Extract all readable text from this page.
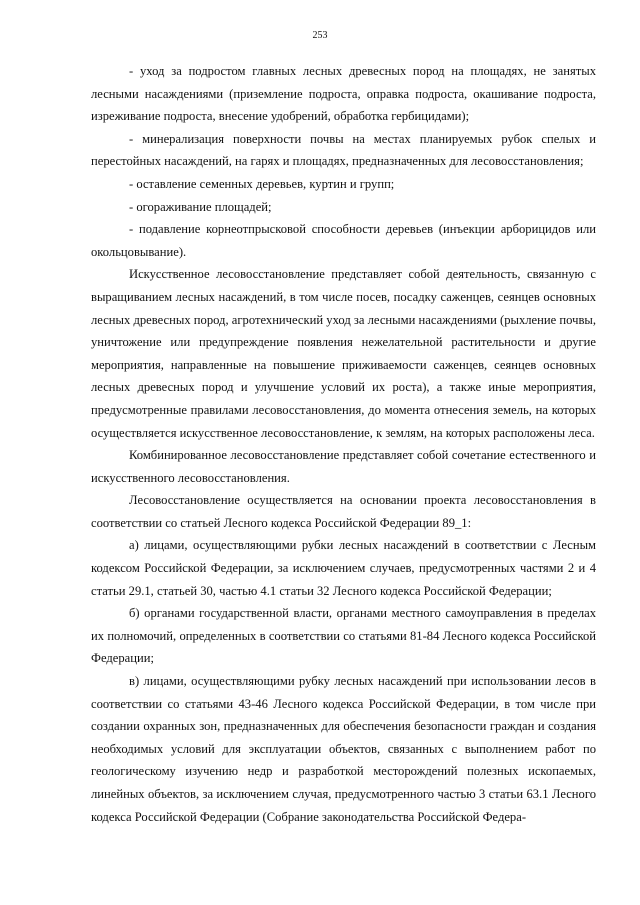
253

- уход за подростом главных лесных древесных пород на площадях, не занятых лесными насаждениями (приземление подроста, оправка подроста, окашивание подроста, изреживание подроста, внесение удобрений, обработка гербицидами);

- минерализация поверхности почвы на местах планируемых рубок спелых и перестойных насаждений, на гарях и площадях, предназначенных для лесовосстановления;

- оставление семенных деревьев, куртин и групп;

- огораживание площадей;

- подавление корнеотпрысковой способности деревьев (инъекции арборицидов или окольцовывание).

Искусственное лесовосстановление представляет собой деятельность, связанную с выращиванием лесных насаждений, в том числе посев, посадку саженцев, сеянцев основных лесных древесных пород, агротехнический уход за лесными насаждениями (рыхление почвы, уничтожение или предупреждение появления нежелательной растительности и другие мероприятия, направленные на повышение приживаемости саженцев, сеянцев основных лесных древесных пород и улучшение условий их роста), а также иные мероприятия, предусмотренные правилами лесовосстановления, до момента отнесения земель, на которых осуществляется искусственное лесовосстановление, к землям, на которых расположены леса.

Комбинированное лесовосстановление представляет собой сочетание естественного и искусственного лесовосстановления.

Лесовосстановление осуществляется на основании проекта лесовосстановления в соответствии со статьей Лесного кодекса Российской Федерации 89_1:

а) лицами, осуществляющими рубки лесных насаждений в соответствии с Лесным кодексом Российской Федерации, за исключением случаев, предусмотренных частями 2 и 4 статьи 29.1, статьей 30, частью 4.1 статьи 32 Лесного кодекса Российской Федерации;

б) органами государственной власти, органами местного самоуправления в пределах их полномочий, определенных в соответствии со статьями 81-84 Лесного кодекса Российской Федерации;

в) лицами, осуществляющими рубку лесных насаждений при использовании лесов в соответствии со статьями 43-46 Лесного кодекса Российской Федерации, в том числе при создании охранных зон, предназначенных для обеспечения безопасности граждан и создания необходимых условий для эксплуатации объектов, связанных с выполнением работ по геологическому изучению недр и разработкой месторождений полезных ископаемых, линейных объектов, за исключением случая, предусмотренного частью 3 статьи 63.1 Лесного кодекса Российской Федерации (Собрание законодательства Российской Федера-
